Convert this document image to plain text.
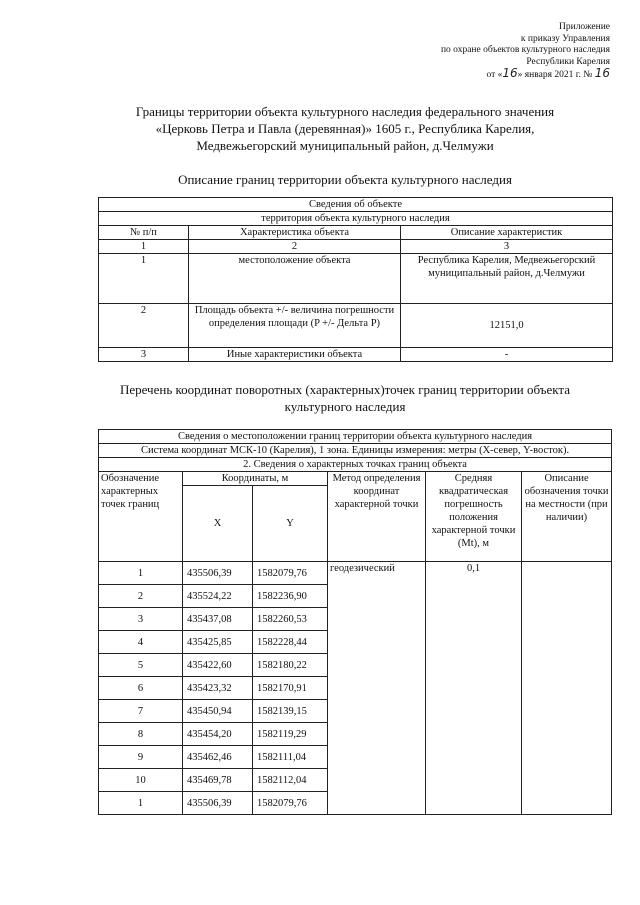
Приложение
к приказу Управления
по охране объектов культурного наследия
Республики Карелия
от «16» января 2021 г. № 16
Границы территории объекта культурного наследия федерального значения
«Церковь Петра и Павла (деревянная)» 1605 г., Республика Карелия,
Медвежьегорский муниципальный район, д.Челмужи
Описание границ территории объекта культурного наследия
Сведения об объекте		
территория объекта культурного наследия		
№ п/п	Характеристика объекта	Описание характеристик
1	2	3
1	местоположение объекта	Республика Карелия, Медвежьегорский муниципальный район, д.Челмужи
2	Площадь объекта +/- величина погрешности определения площади (P +/- Дельта P)	12151,0
3	Иные характеристики объекта	-
Перечень координат поворотных (характерных)точек границ территории объекта
культурного наследия
Сведения о местоположении границ территории объекта культурного наследия					
Система координат МСК-10 (Карелия), 1 зона. Единицы измерения: метры (X-север, Y-восток).					
2. Сведения о характерных точках границ объекта					
Обозначение характерных точек границ	Координаты, м		Метод определения координат характерной точки	Средняя квадратическая погрешность положения характерной точки (Mt), м	Описание обозначения точки на местности (при наличии)
	X	Y			
1	435506,39	1582079,76	геодезический	0,1	
2	435524,22	1582236,90			
3	435437,08	1582260,53			
4	435425,85	1582228,44			
5	435422,60	1582180,22			
6	435423,32	1582170,91			
7	435450,94	1582139,15			
8	435454,20	1582119,29			
9	435462,46	1582111,04			
10	435469,78	1582112,04			
1	435506,39	1582079,76			
